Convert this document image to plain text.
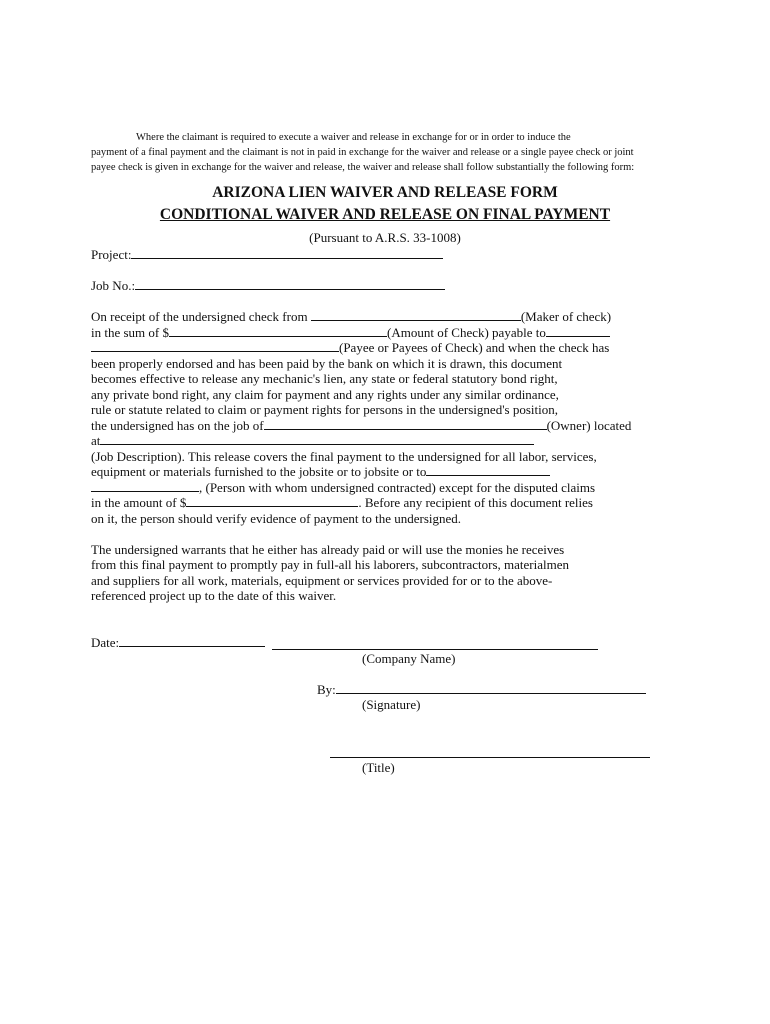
Where the claimant is required to execute a waiver and release in exchange for or in order to induce the
payment of a final payment and the claimant is not in paid in exchange for the waiver and release or a single payee check or joint
payee check is given in exchange for the waiver and release, the waiver and release shall follow substantially the following form:
ARIZONA LIEN WAIVER AND RELEASE FORM
CONDITIONAL WAIVER AND RELEASE ON FINAL PAYMENT
(Pursuant to A.R.S. 33-1008)
Project:
Job No.:
On receipt of the undersigned check from	(Maker of check)
in the sum of $	(Amount of Check) payable to
(Payee or Payees of Check) and when the check has
been properly endorsed and has been paid by the bank on which it is drawn, this document
becomes effective to release any mechanic's lien, any state or federal statutory bond right,
any private bond right, any claim for payment and any rights under any similar ordinance,
rule or statute related to claim or payment rights for persons in the undersigned's position,
the undersigned has on the job of	(Owner) located
at
(Job Description). This release covers the final payment to the undersigned for all labor, services,
equipment or materials furnished to the jobsite or to jobsite or to
, (Person with whom undersigned contracted) except for the disputed claims
in the amount of $	. Before any recipient of this document relies
on it, the person should verify evidence of payment to the undersigned.
The undersigned warrants that he either has already paid or will use the monies he receives
from this final payment to promptly pay in full-all his laborers, subcontractors, materialmen
and suppliers for all work, materials, equipment or services provided for or to the above-
referenced project up to the date of this waiver.
Date:
(Company Name)
By:
(Signature)
(Title)
